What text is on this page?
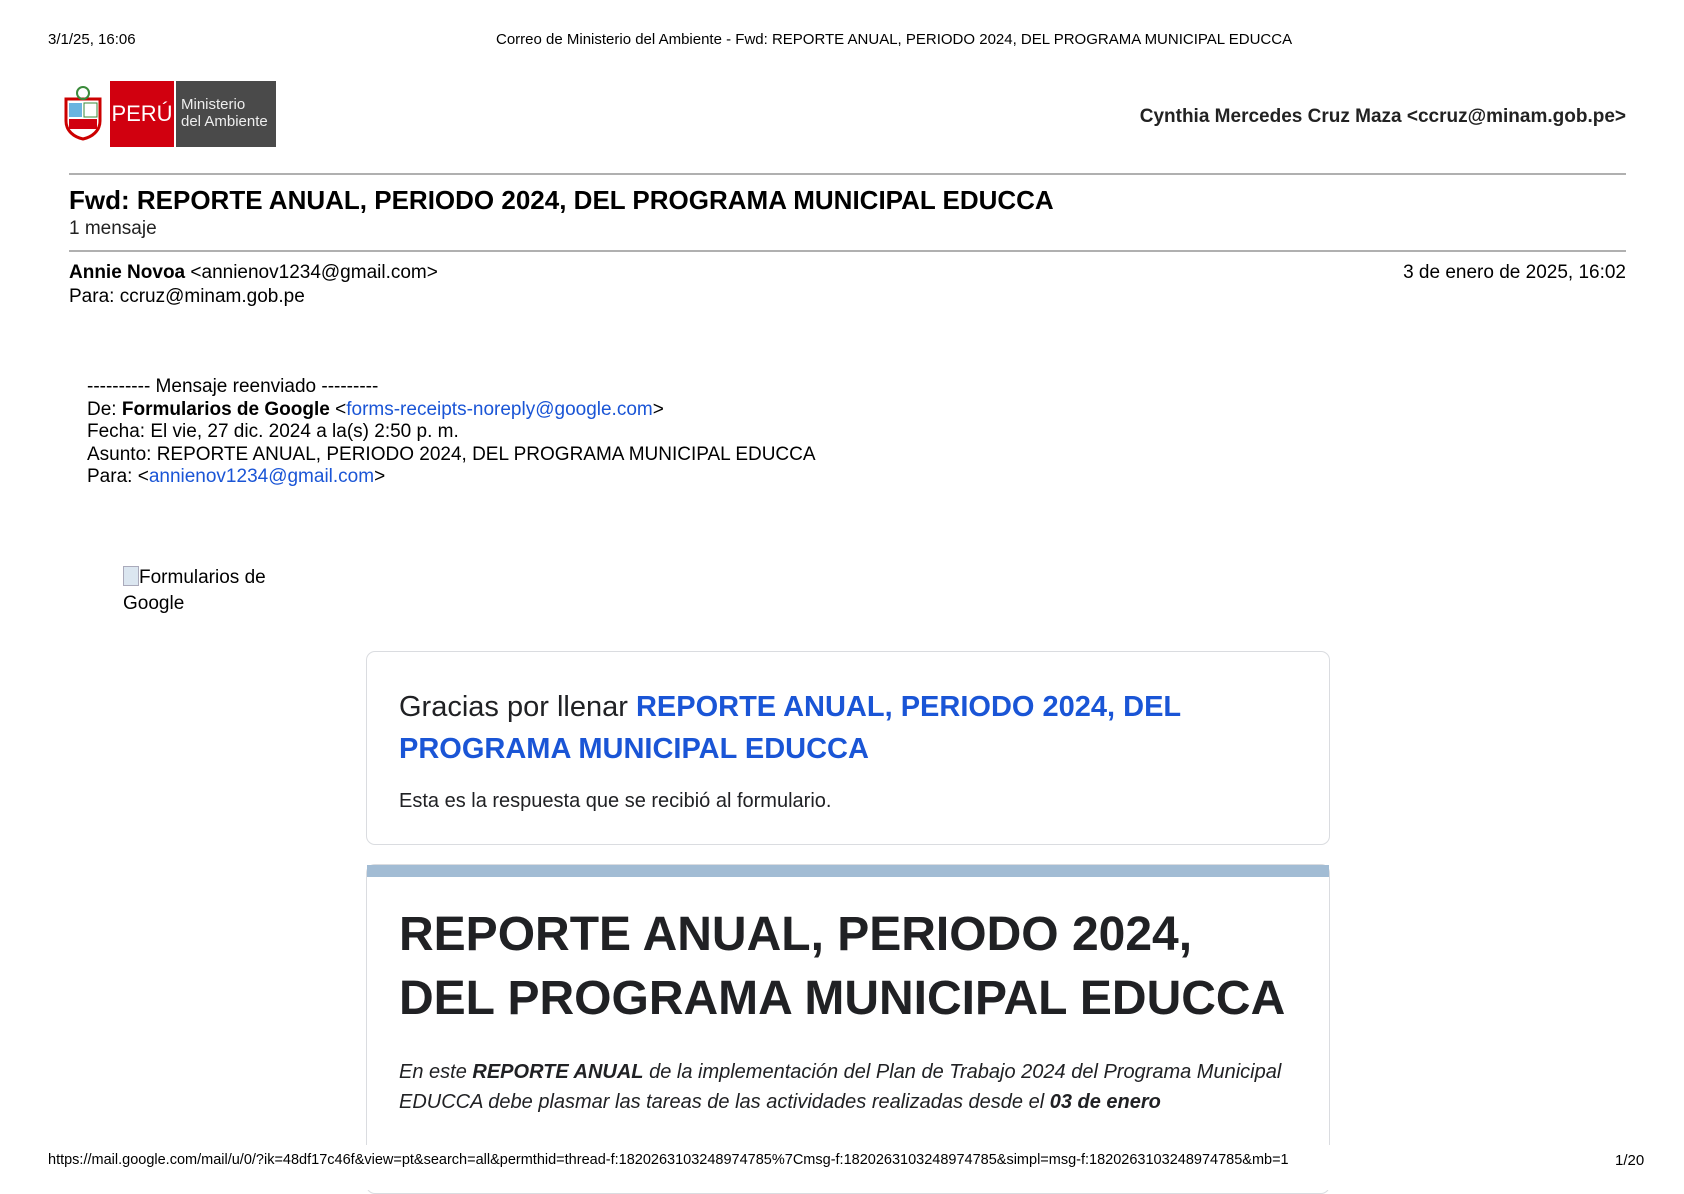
3/1/25, 16:06	Correo de Ministerio del Ambiente - Fwd: REPORTE ANUAL, PERIODO 2024, DEL PROGRAMA MUNICIPAL EDUCCA
PERÚ Ministerio
del Ambiente	Cynthia Mercedes Cruz Maza <ccruz@minam.gob.pe>
Fwd: REPORTE ANUAL, PERIODO 2024, DEL PROGRAMA MUNICIPAL EDUCCA
1 mensaje
Annie Novoa <annienov1234@gmail.com>
Para: ccruz@minam.gob.pe
3 de enero de 2025, 16:02
---------- Mensaje reenviado ---------
De: Formularios de Google <forms-receipts-noreply@google.com>
Fecha: El vie, 27 dic. 2024 a la(s) 2:50 p. m.
Asunto: REPORTE ANUAL, PERIODO 2024, DEL PROGRAMA MUNICIPAL EDUCCA
Para: <annienov1234@gmail.com>
Formularios de Google
Gracias por llenar REPORTE ANUAL, PERIODO 2024, DEL PROGRAMA MUNICIPAL EDUCCA
Esta es la respuesta que se recibió al formulario.
REPORTE ANUAL, PERIODO 2024, DEL PROGRAMA MUNICIPAL EDUCCA
En este REPORTE ANUAL de la implementación del Plan de Trabajo 2024 del Programa Municipal EDUCCA debe plasmar las tareas de las actividades realizadas desde el 03 de enero
https://mail.google.com/mail/u/0/?ik=48df17c46f&view=pt&search=all&permthid=thread-f:1820263103248974785%7Cmsg-f:1820263103248974785&simpl=msg-f:1820263103248974785&mb=1	1/20
